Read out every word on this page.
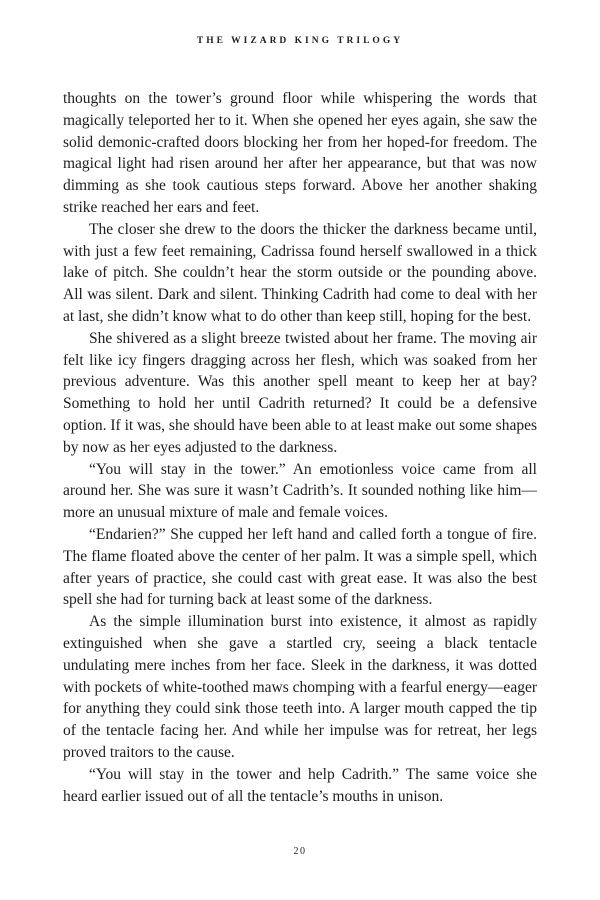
THE WIZARD KING TRILOGY

thoughts on the tower’s ground floor while whispering the words that magically teleported her to it. When she opened her eyes again, she saw the solid demonic-crafted doors blocking her from her hoped-for freedom. The magical light had risen around her after her appearance, but that was now dimming as she took cautious steps forward. Above her another shaking strike reached her ears and feet.

The closer she drew to the doors the thicker the darkness became until, with just a few feet remaining, Cadrissa found herself swallowed in a thick lake of pitch. She couldn’t hear the storm outside or the pounding above. All was silent. Dark and silent. Thinking Cadrith had come to deal with her at last, she didn’t know what to do other than keep still, hoping for the best.

She shivered as a slight breeze twisted about her frame. The moving air felt like icy fingers dragging across her flesh, which was soaked from her previous adventure. Was this another spell meant to keep her at bay? Something to hold her until Cadrith returned? It could be a defensive option. If it was, she should have been able to at least make out some shapes by now as her eyes adjusted to the darkness.

“You will stay in the tower.” An emotionless voice came from all around her. She was sure it wasn’t Cadrith’s. It sounded nothing like him—more an unusual mixture of male and female voices.

“Endarien?” She cupped her left hand and called forth a tongue of fire. The flame floated above the center of her palm. It was a simple spell, which after years of practice, she could cast with great ease. It was also the best spell she had for turning back at least some of the darkness.

As the simple illumination burst into existence, it almost as rapidly extinguished when she gave a startled cry, seeing a black tentacle undulating mere inches from her face. Sleek in the darkness, it was dotted with pockets of white-toothed maws chomping with a fearful energy—eager for anything they could sink those teeth into. A larger mouth capped the tip of the tentacle facing her. And while her impulse was for retreat, her legs proved traitors to the cause.

“You will stay in the tower and help Cadrith.” The same voice she heard earlier issued out of all the tentacle’s mouths in unison.

20
